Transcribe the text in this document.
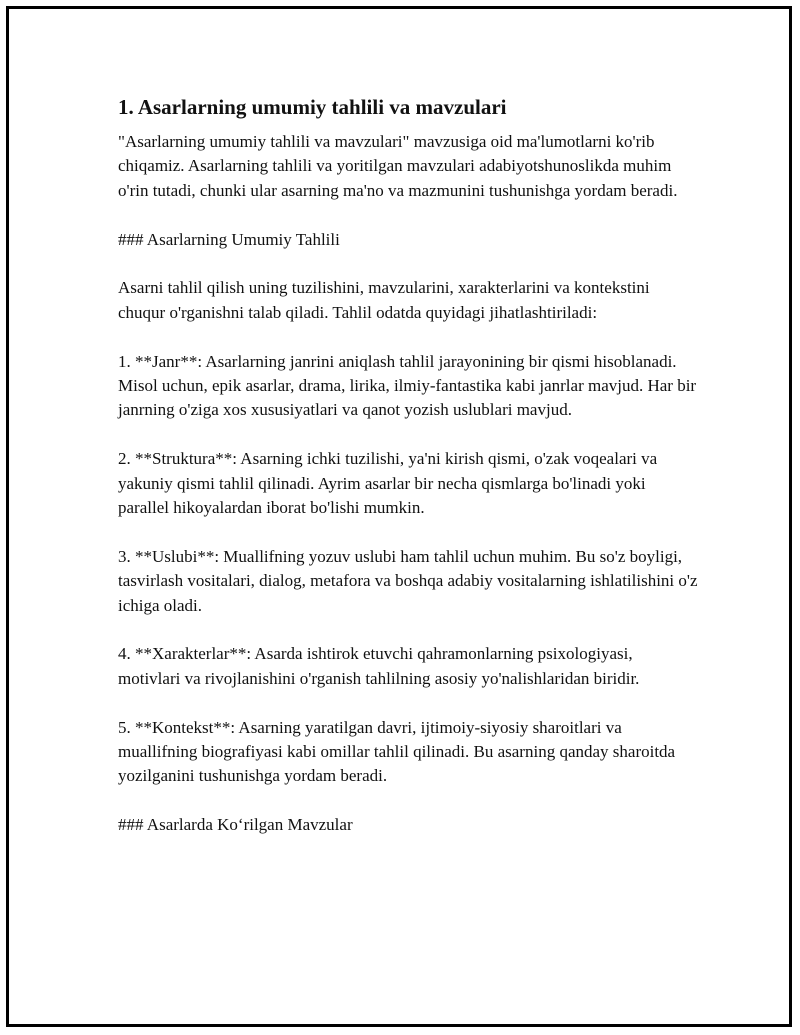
1. Asarlarning umumiy tahlili va mavzulari

"Asarlarning umumiy tahlili va mavzulari" mavzusiga oid ma'lumotlarni ko'rib chiqamiz. Asarlarning tahlili va yoritilgan mavzulari adabiyotshunoslikda muhim o'rin tutadi, chunki ular asarning ma'no va mazmunini tushunishga yordam beradi.

### Asarlarning Umumiy Tahlili

Asarni tahlil qilish uning tuzilishini, mavzularini, xarakterlarini va kontekstini chuqur o'rganishni talab qiladi. Tahlil odatda quyidagi jihatlashtiriladi:

1. **Janr**: Asarlarning janrini aniqlash tahlil jarayonining bir qismi hisoblanadi. Misol uchun, epik asarlar, drama, lirika, ilmiy-fantastika kabi janrlar mavjud. Har bir janrning o'ziga xos xususiyatlari va qanot yozish uslublari mavjud.

2. **Struktura**: Asarning ichki tuzilishi, ya'ni kirish qismi, o'zak voqealari va yakuniy qismi tahlil qilinadi. Ayrim asarlar bir necha qismlarga bo'linadi yoki parallel hikoyalardan iborat bo'lishi mumkin.

3. **Uslubi**: Muallifning yozuv uslubi ham tahlil uchun muhim. Bu so'z boyligi, tasvirlash vositalari, dialog, metafora va boshqa adabiy vositalarning ishlatilishini o'z ichiga oladi.

4. **Xarakterlar**: Asarda ishtirok etuvchi qahramonlarning psixologiyasi, motivlari va rivojlanishini o'rganish tahlilning asosiy yo'nalishlaridan biridir.

5. **Kontekst**: Asarning yaratilgan davri, ijtimoiy-siyosiy sharoitlari va muallifning biografiyasi kabi omillar tahlil qilinadi. Bu asarning qanday sharoitda yozilganini tushunishga yordam beradi.

### Asarlarda Ko‘rilgan Mavzular
